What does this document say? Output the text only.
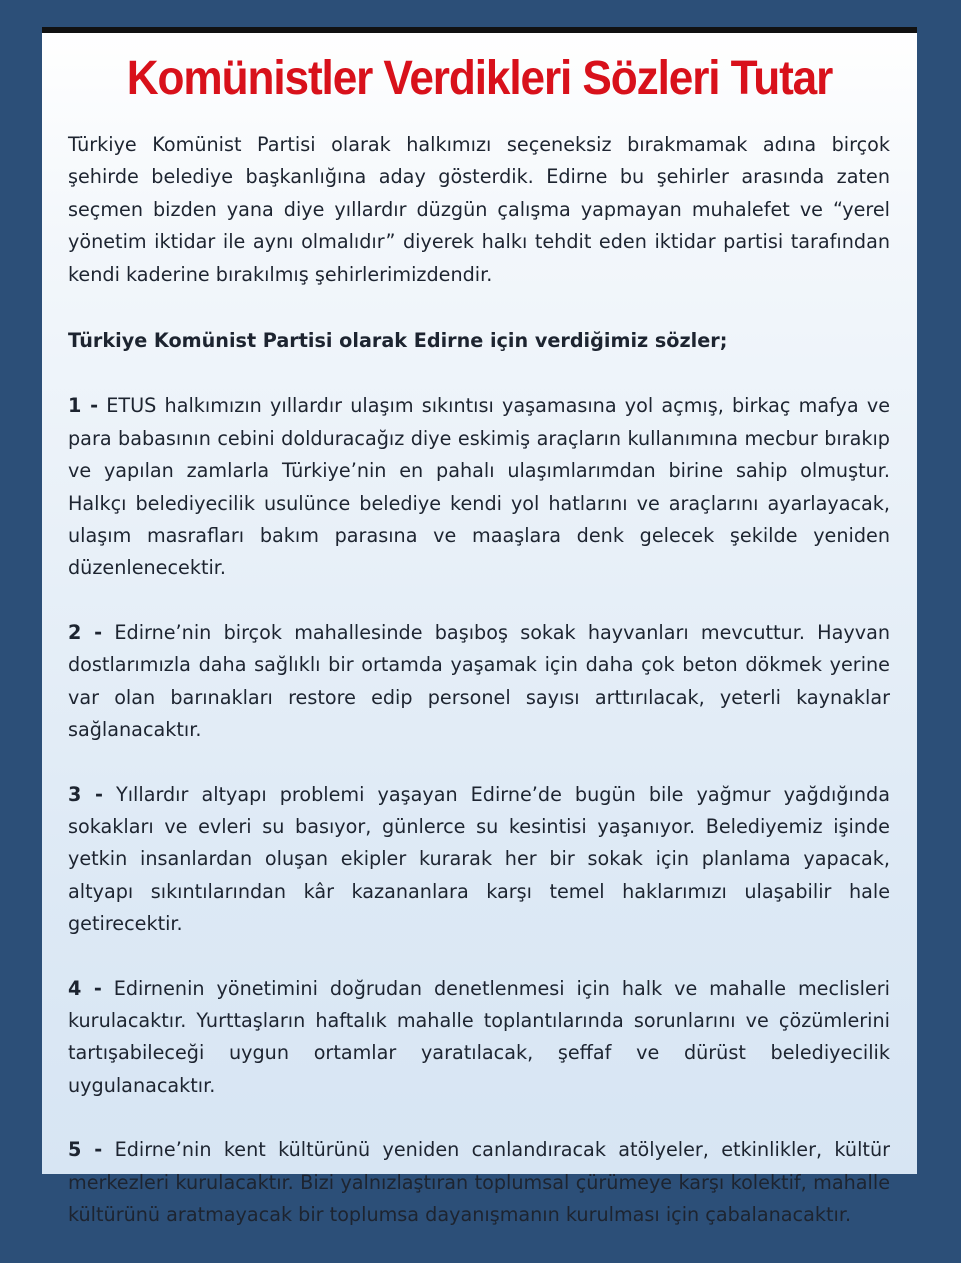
Komünistler Verdikleri Sözleri Tutar

Türkiye Komünist Partisi olarak halkımızı seçeneksiz bırakmamak adına birçok şehirde belediye başkanlığına aday gösterdik. Edirne bu şehirler arasında zaten seçmen bizden yana diye yıllardır düzgün çalışma yapmayan muhalefet ve “yerel yönetim iktidar ile aynı olmalıdır” diyerek halkı tehdit eden iktidar partisi tarafından kendi kaderine bırakılmış şehirlerimizdendir.

Türkiye Komünist Partisi olarak Edirne için verdiğimiz sözler;

1 - ETUS halkımızın yıllardır ulaşım sıkıntısı yaşamasına yol açmış, birkaç mafya ve para babasının cebini dolduracağız diye eskimiş araçların kullanımına mecbur bırakıp ve yapılan zamlarla Türkiye’nin en pahalı ulaşımlarımdan birine sahip olmuştur. Halkçı belediyecilik usulünce belediye kendi yol hatlarını ve araçlarını ayarlayacak, ulaşım masrafları bakım parasına ve maaşlara denk gelecek şekilde yeniden düzenlenecektir.

2 - Edirne’nin birçok mahallesinde başıboş sokak hayvanları mevcuttur. Hayvan dostlarımızla daha sağlıklı bir ortamda yaşamak için daha çok beton dökmek yerine var olan barınakları restore edip personel sayısı arttırılacak, yeterli kaynaklar sağlanacaktır.

3 - Yıllardır altyapı problemi yaşayan Edirne’de bugün bile yağmur yağdığında sokakları ve evleri su basıyor, günlerce su kesintisi yaşanıyor. Belediyemiz işinde yetkin insanlardan oluşan ekipler kurarak her bir sokak için planlama yapacak, altyapı sıkıntılarından kâr kazananlara karşı temel haklarımızı ulaşabilir hale getirecektir.

4 - Edirnenin yönetimini doğrudan denetlenmesi için halk ve mahalle meclisleri kurulacaktır. Yurttaşların haftalık mahalle toplantılarında sorunlarını ve çözümlerini tartışabileceği uygun ortamlar yaratılacak, şeffaf ve dürüst belediyecilik uygulanacaktır.

5 - Edirne’nin kent kültürünü yeniden canlandıracak atölyeler, etkinlikler, kültür merkezleri kurulacaktır. Bizi yalnızlaştıran toplumsal çürümeye karşı kolektif, mahalle kültürünü aratmayacak bir toplumsa dayanışmanın kurulması için çabalanacaktır.
